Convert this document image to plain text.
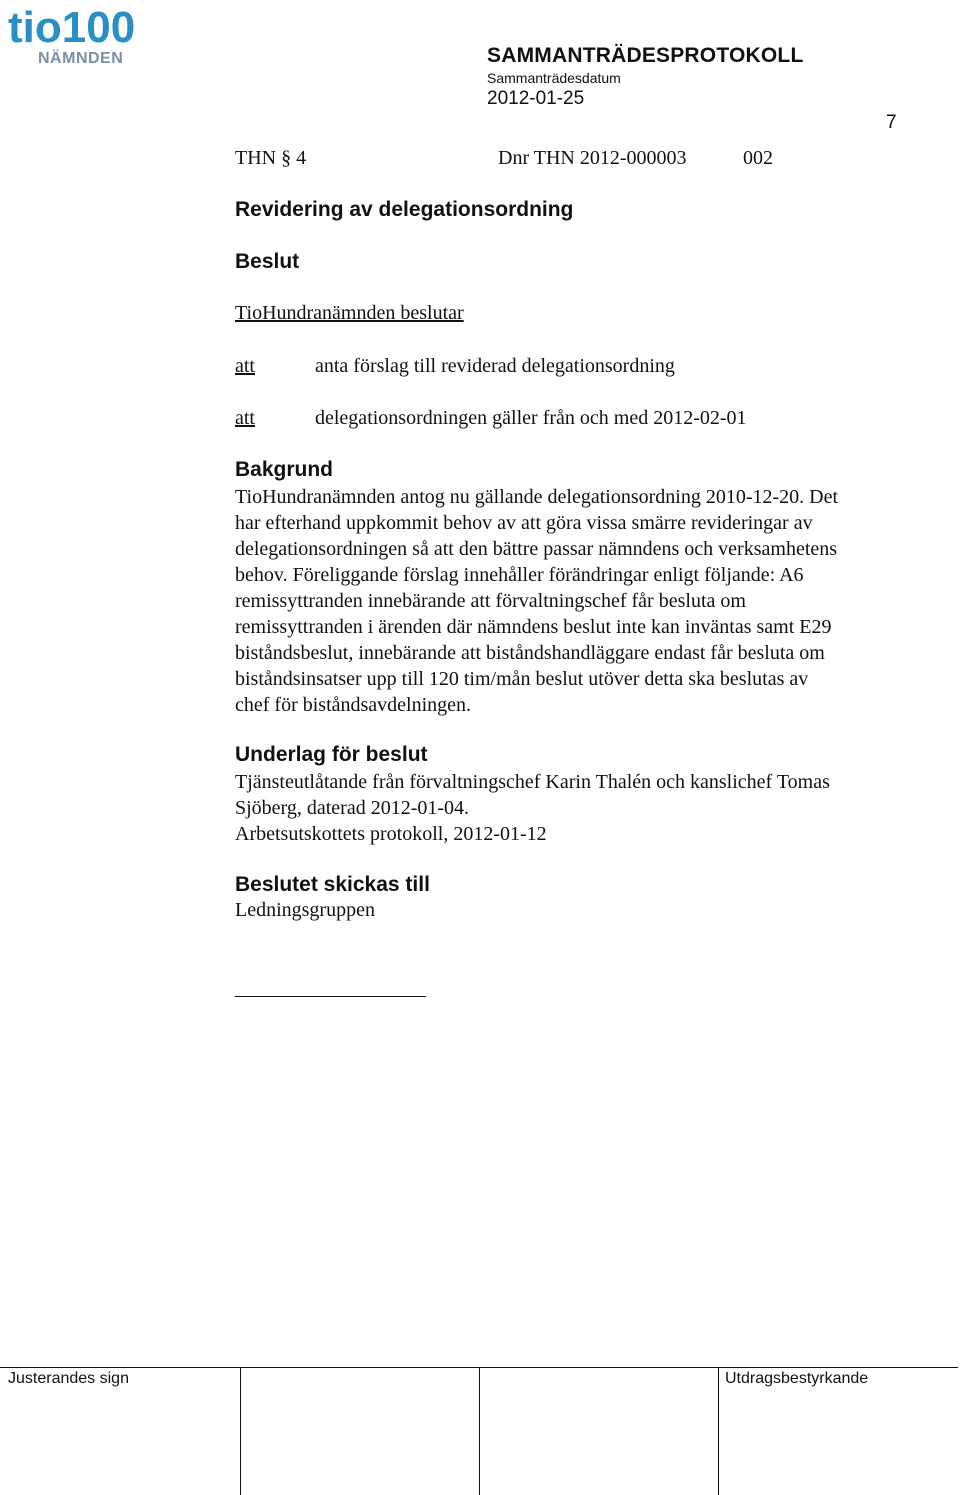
tio100
NÄMNDEN	SAMMANTRÄDESPROTOKOLL
Sammanträdesdatum
2012-01-25
7
THN § 4	Dnr THN 2012-000003	002
Revidering av delegationsordning
Beslut
TioHundranämnden beslutar
att	anta förslag till reviderad delegationsordning
att	delegationsordningen gäller från och med 2012-02-01
Bakgrund

TioHundranämnden antog nu gällande delegationsordning 2010-12-20. Det

har efterhand uppkommit behov av att göra vissa smärre revideringar av

delegationsordningen så att den bättre passar nämndens och verksamhetens

behov. Föreliggande förslag innehåller förändringar enligt följande: A6

remissyttranden innebärande att förvaltningschef får besluta om

remissyttranden i ärenden där nämndens beslut inte kan inväntas samt E29

biståndsbeslut, innebärande att biståndshandläggare endast får besluta om

biståndsinsatser upp till 120 tim/mån beslut utöver detta ska beslutas av

chef för biståndsavdelningen.

Underlag för beslut

Tjänsteutlåtande från förvaltningschef Karin Thalén och kanslichef Tomas

Sjöberg, daterad 2012-01-04.

Arbetsutskottets protokoll, 2012-01-12

Beslutet skickas till
Ledningsgruppen
Justerandes sign	Utdragsbestyrkande
